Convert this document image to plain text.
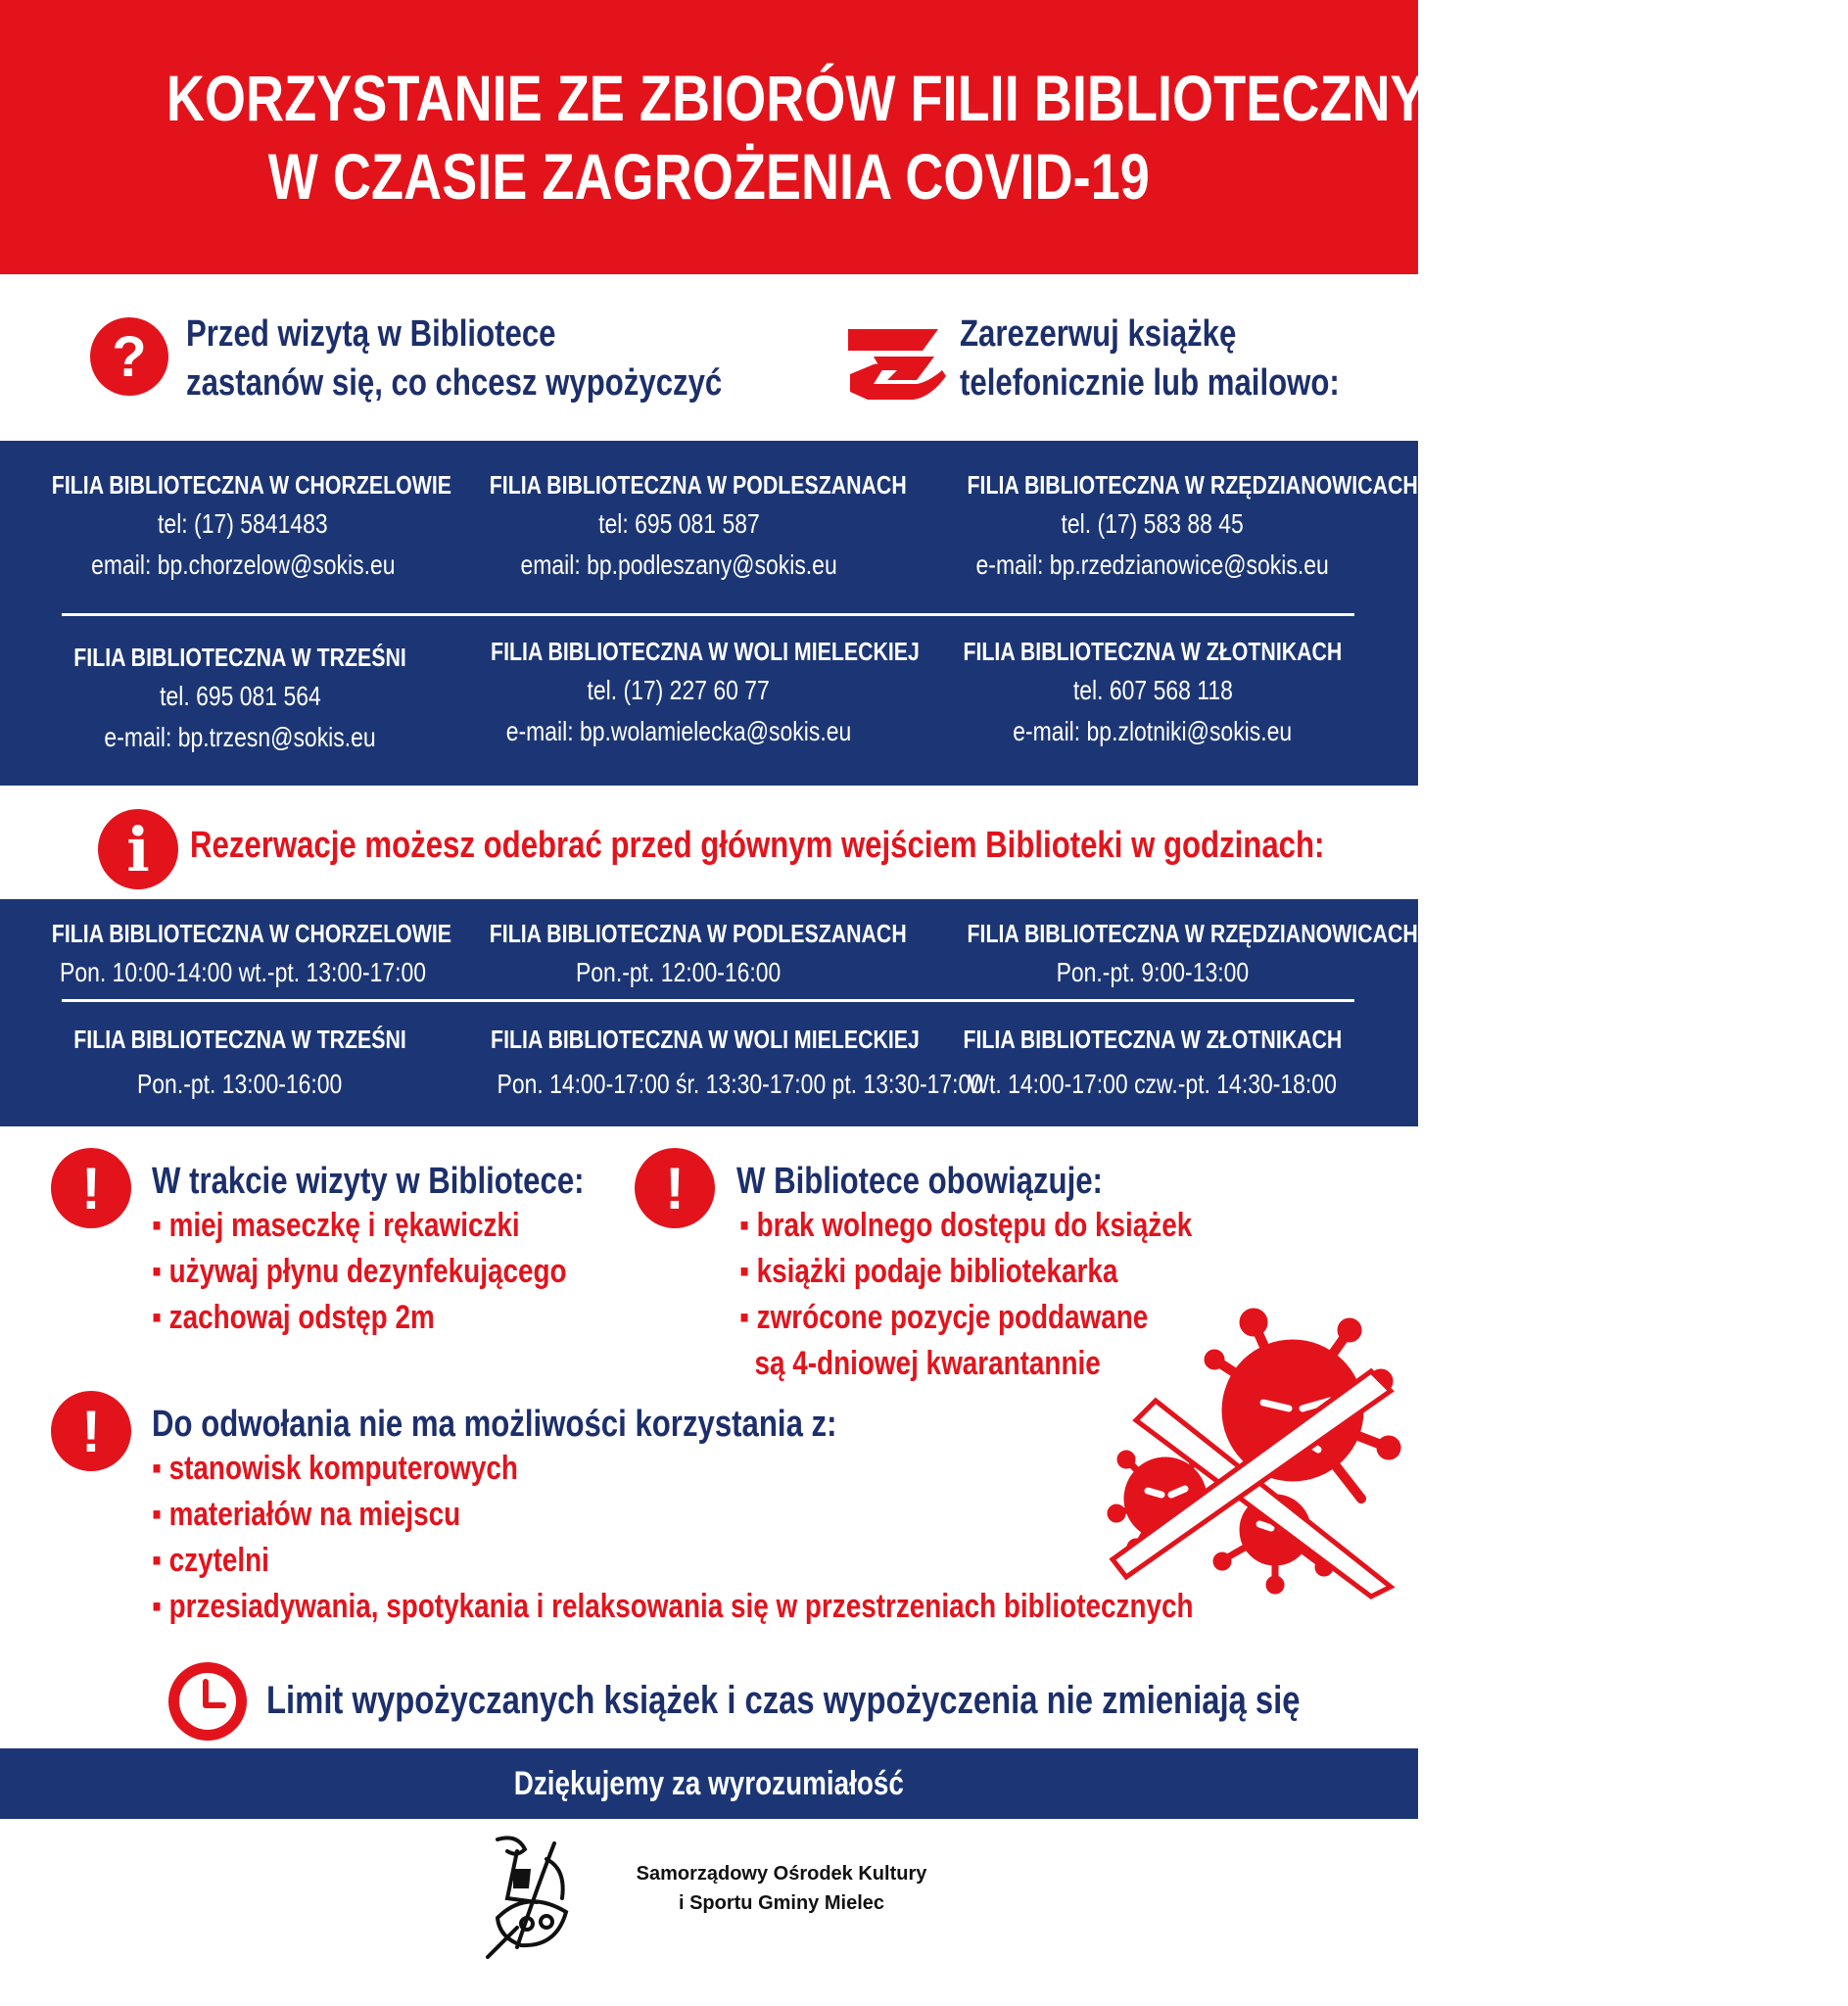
KORZYSTANIE ZE ZBIORÓW FILII BIBLIOTECZNYCH SOKIS
W CZASIE ZAGROŻENIA COVID-19
? Przed wizytą w Bibliotece
zastanów się, co chcesz wypożyczyć
Zarezerwuj książkę
telefonicznie lub mailowo:
FILIA BIBLIOTECZNA W CHORZELOWIE
tel: (17) 5841483
email: bp.chorzelow@sokis.eu
FILIA BIBLIOTECZNA W PODLESZANACH
tel: 695 081 587
email: bp.podleszany@sokis.eu
FILIA BIBLIOTECZNA W RZĘDZIANOWICACH
tel. (17) 583 88 45
e-mail: bp.rzedzianowice@sokis.eu
FILIA BIBLIOTECZNA W TRZEŚNI
tel. 695 081 564
e-mail: bp.trzesn@sokis.eu
FILIA BIBLIOTECZNA W WOLI MIELECKIEJ
tel. (17) 227 60 77
e-mail: bp.wolamielecka@sokis.eu
FILIA BIBLIOTECZNA W ZŁOTNIKACH
tel. 607 568 118
e-mail: bp.zlotniki@sokis.eu
i Rezerwacje możesz odebrać przed głównym wejściem Biblioteki w godzinach:
FILIA BIBLIOTECZNA W CHORZELOWIE
Pon. 10:00-14:00 wt.-pt. 13:00-17:00
FILIA BIBLIOTECZNA W PODLESZANACH
Pon.-pt. 12:00-16:00
FILIA BIBLIOTECZNA W RZĘDZIANOWICACH
Pon.-pt. 9:00-13:00
FILIA BIBLIOTECZNA W TRZEŚNI
Pon.-pt. 13:00-16:00
FILIA BIBLIOTECZNA W WOLI MIELECKIEJ
Pon. 14:00-17:00 śr. 13:30-17:00 pt. 13:30-17:00
FILIA BIBLIOTECZNA W ZŁOTNIKACH
Wt. 14:00-17:00 czw.-pt. 14:30-18:00
! W trakcie wizyty w Bibliotece:
▪ miej maseczkę i rękawiczki
▪ używaj płynu dezynfekującego
▪ zachowaj odstęp 2m
! W Bibliotece obowiązuje:
▪ brak wolnego dostępu do książek
▪ książki podaje bibliotekarka
▪ zwrócone pozycje poddawane
są 4-dniowej kwarantannie
! Do odwołania nie ma możliwości korzystania z:
▪ stanowisk komputerowych
▪ materiałów na miejscu
▪ czytelni
▪ przesiadywania, spotykania i relaksowania się w przestrzeniach bibliotecznych
Limit wypożyczanych książek i czas wypożyczenia nie zmieniają się
Dziękujemy za wyrozumiałość
Samorządowy Ośrodek Kultury
i Sportu Gminy Mielec
